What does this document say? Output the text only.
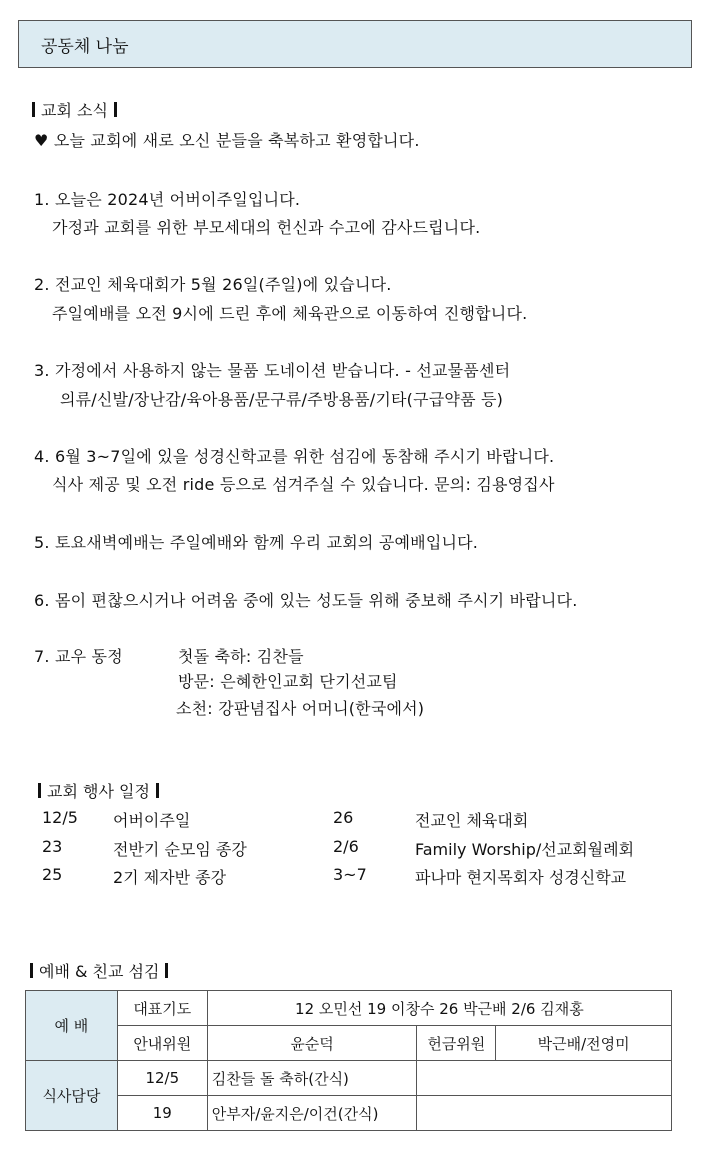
공동체 나눔
교회 소식
♥ 오늘 교회에 새로 오신 분들을 축복하고 환영합니다.
1. 오늘은 2024년 어버이주일입니다.
가정과 교회를 위한 부모세대의 헌신과 수고에 감사드립니다.
2. 전교인 체육대회가 5월 26일(주일)에 있습니다.
주일예배를 오전 9시에 드린 후에 체육관으로 이동하여 진행합니다.
3. 가정에서 사용하지 않는 물품 도네이션 받습니다. - 선교물품센터
의류/신발/장난감/육아용품/문구류/주방용품/기타(구급약품 등)
4. 6월 3~7일에 있을 성경신학교를 위한 섬김에 동참해 주시기 바랍니다.
식사 제공 및 오전 ride 등으로 섬겨주실 수 있습니다. 문의: 김용영집사
5. 토요새벽예배는 주일예배와 함께 우리 교회의 공예배입니다.
6. 몸이 편찮으시거나 어려움 중에 있는 성도들 위해 중보해 주시기 바랍니다.
7. 교우 동정	첫돌 축하: 김찬들
방문: 은혜한인교회 단기선교팀
소천: 강판념집사 어머니(한국에서)
교회 행사 일정
12/5 어버이주일	26	전교인 체육대회
23	전반기 순모임 종강	2/6	Family Worship/선교회월례회
25	2기 제자반 종강	3~7	파나마 현지목회자 성경신학교
예배 & 친교 섬김
예 배	대표기도	12 오민선 19 이창수 26 박근배 2/6 김재홍		
	안내위원	윤순덕	헌금위원	박근배/전영미
식사담당	12/5	김찬들 돌 축하(간식)		
	19	안부자/윤지은/이건(간식)		
